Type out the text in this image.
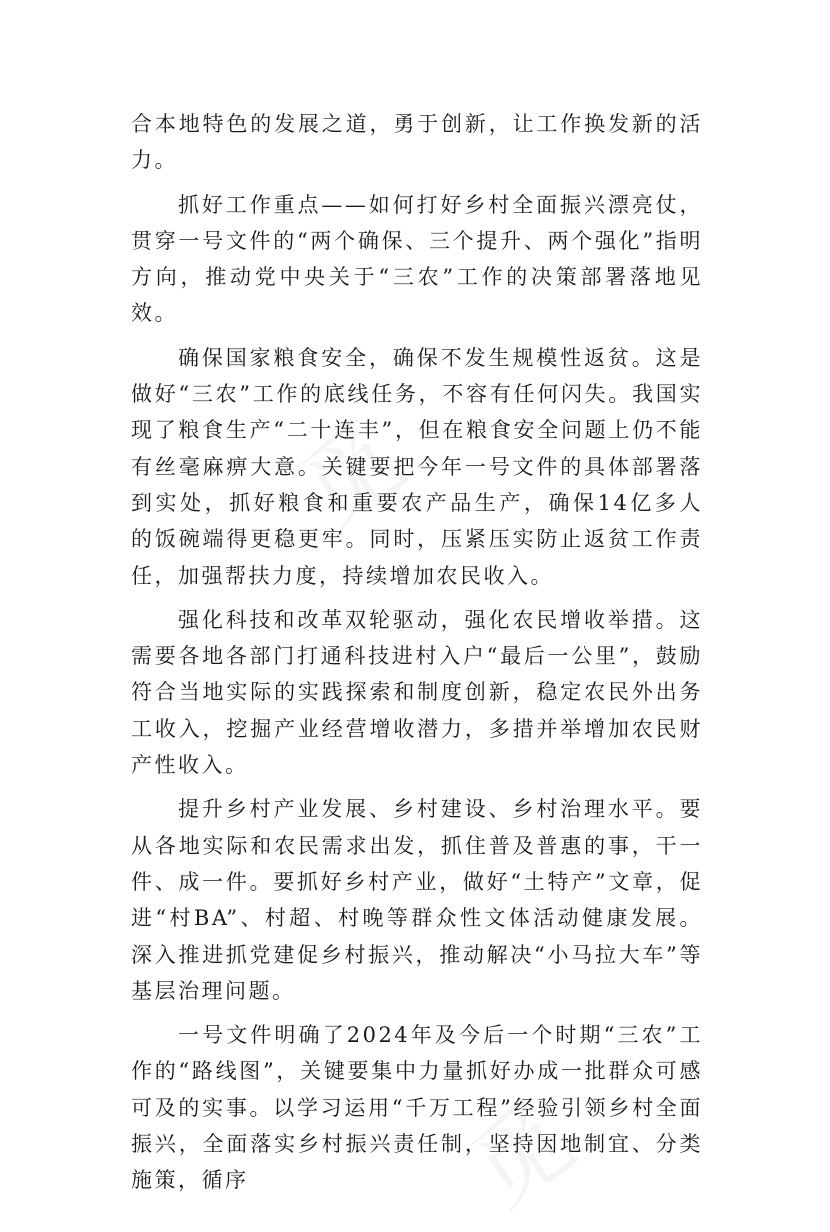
觅
觅

合本地特色的发展之道，勇于创新，让工作换发新的活力。

抓好工作重点——如何打好乡村全面振兴漂亮仗，贯穿一号文件的“两个确保、三个提升、两个强化”指明方向，推动党中央关于“三农”工作的决策部署落地见效。

确保国家粮食安全，确保不发生规模性返贫。这是做好“三农”工作的底线任务，不容有任何闪失。我国实现了粮食生产“二十连丰”，但在粮食安全问题上仍不能有丝毫麻痹大意。关键要把今年一号文件的具体部署落到实处，抓好粮食和重要农产品生产，确保14亿多人的饭碗端得更稳更牢。同时，压紧压实防止返贫工作责任，加强帮扶力度，持续增加农民收入。

强化科技和改革双轮驱动，强化农民增收举措。这需要各地各部门打通科技进村入户“最后一公里”，鼓励符合当地实际的实践探索和制度创新，稳定农民外出务工收入，挖掘产业经营增收潜力，多措并举增加农民财产性收入。

提升乡村产业发展、乡村建设、乡村治理水平。要从各地实际和农民需求出发，抓住普及普惠的事，干一件、成一件。要抓好乡村产业，做好“土特产”文章，促进“村BA”、村超、村晚等群众性文体活动健康发展。深入推进抓党建促乡村振兴，推动解决“小马拉大车”等基层治理问题。

一号文件明确了2024年及今后一个时期“三农”工作的“路线图”，关键要集中力量抓好办成一批群众可感可及的实事。以学习运用“千万工程”经验引领乡村全面振兴，全面落实乡村振兴责任制，坚持因地制宜、分类施策，循序
